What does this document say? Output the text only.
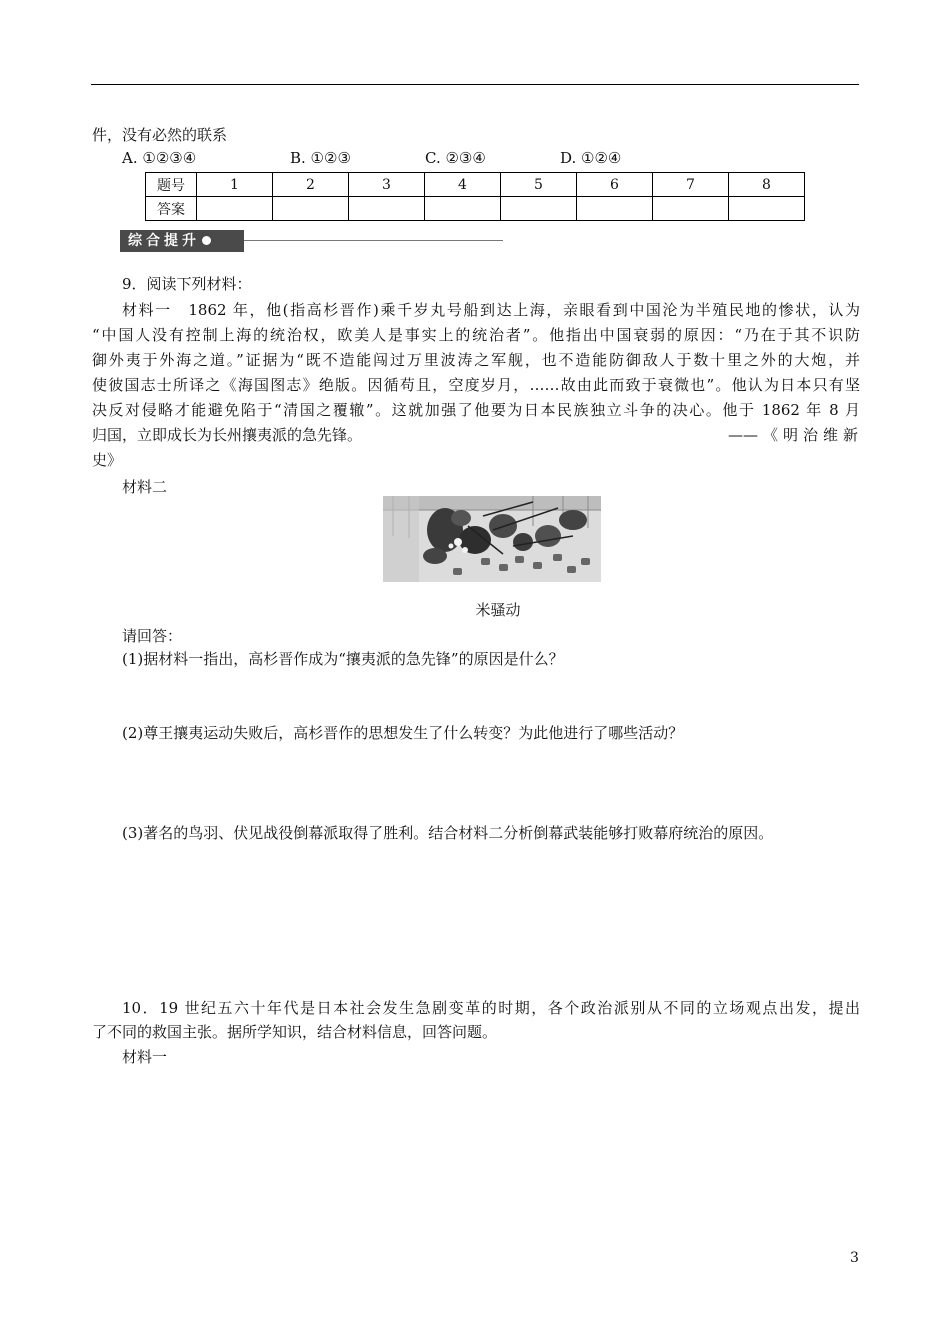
件，没有必然的联系
A. ①②③④	B. ①②③	C. ②③④	D. ①②④
题号	1	2	3	4	5	6	7	8
答案								
综合提升
9．阅读下列材料：
材料一　1862 年，他(指高杉晋作)乘千岁丸号船到达上海，亲眼看到中国沦为半殖民地的惨状，认为
“中国人没有控制上海的统治权，欧美人是事实上的统治者”。他指出中国衰弱的原因：“乃在于其不识防
御外夷于外海之道。”证据为“既不造能闯过万里波涛之军舰，也不造能防御敌人于数十里之外的大炮，并
使彼国志士所译之《海国图志》绝版。因循苟且，空度岁月，……故由此而致于衰微也”。他认为日本只有坚
决反对侵略才能避免陷于“清国之覆辙”。这就加强了他要为日本民族独立斗争的决心。他于 1862 年 8 月
归国，立即成长为长州攘夷派的急先锋。	——《明治维新
史》
材料二
米骚动
请回答：
(1)据材料一指出，高杉晋作成为“攘夷派的急先锋”的原因是什么？
(2)尊王攘夷运动失败后，高杉晋作的思想发生了什么转变？为此他进行了哪些活动？
(3)著名的鸟羽、伏见战役倒幕派取得了胜利。结合材料二分析倒幕武装能够打败幕府统治的原因。
10．19 世纪五六十年代是日本社会发生急剧变革的时期，各个政治派别从不同的立场观点出发，提出
了不同的救国主张。据所学知识，结合材料信息，回答问题。
材料一
3
